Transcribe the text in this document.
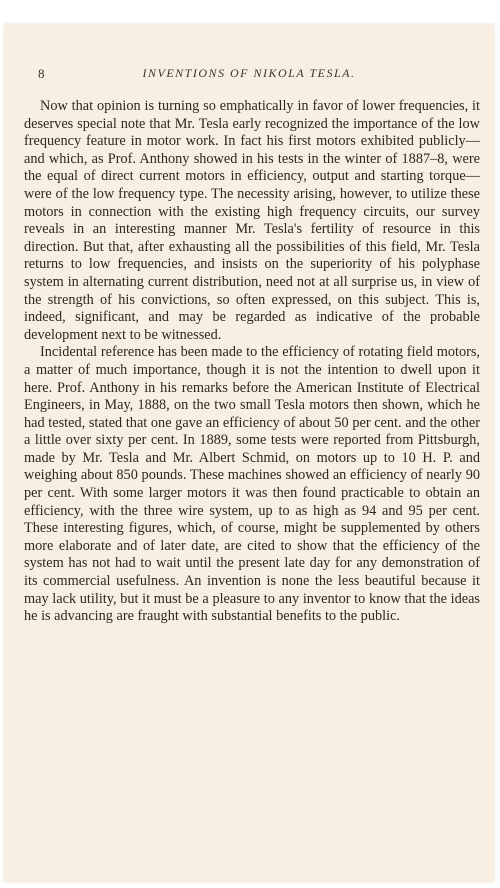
8	INVENTIONS OF NIKOLA TESLA.

Now that opinion is turning so emphatically in favor of lower frequencies, it deserves special note that Mr. Tesla early recognized the importance of the low frequency feature in motor work. In fact his first motors exhibited publicly—and which, as Prof. Anthony showed in his tests in the winter of 1887–8, were the equal of direct current motors in efficiency, output and starting torque—were of the low frequency type. The necessity arising, however, to utilize these motors in connection with the existing high frequency circuits, our survey reveals in an interesting manner Mr. Tesla's fertility of resource in this direction. But that, after exhausting all the possibilities of this field, Mr. Tesla returns to low frequencies, and insists on the superiority of his polyphase system in alternating current distribution, need not at all surprise us, in view of the strength of his convictions, so often expressed, on this subject. This is, indeed, significant, and may be regarded as indicative of the probable development next to be witnessed.

Incidental reference has been made to the efficiency of rotating field motors, a matter of much importance, though it is not the intention to dwell upon it here. Prof. Anthony in his remarks before the American Institute of Electrical Engineers, in May, 1888, on the two small Tesla motors then shown, which he had tested, stated that one gave an efficiency of about 50 per cent. and the other a little over sixty per cent. In 1889, some tests were reported from Pittsburgh, made by Mr. Tesla and Mr. Albert Schmid, on motors up to 10 H. P. and weighing about 850 pounds. These machines showed an efficiency of nearly 90 per cent. With some larger motors it was then found practicable to obtain an efficiency, with the three wire system, up to as high as 94 and 95 per cent. These interesting figures, which, of course, might be supplemented by others more elaborate and of later date, are cited to show that the efficiency of the system has not had to wait until the present late day for any demonstration of its commercial usefulness. An invention is none the less beautiful because it may lack utility, but it must be a pleasure to any inventor to know that the ideas he is advancing are fraught with substantial benefits to the public.
